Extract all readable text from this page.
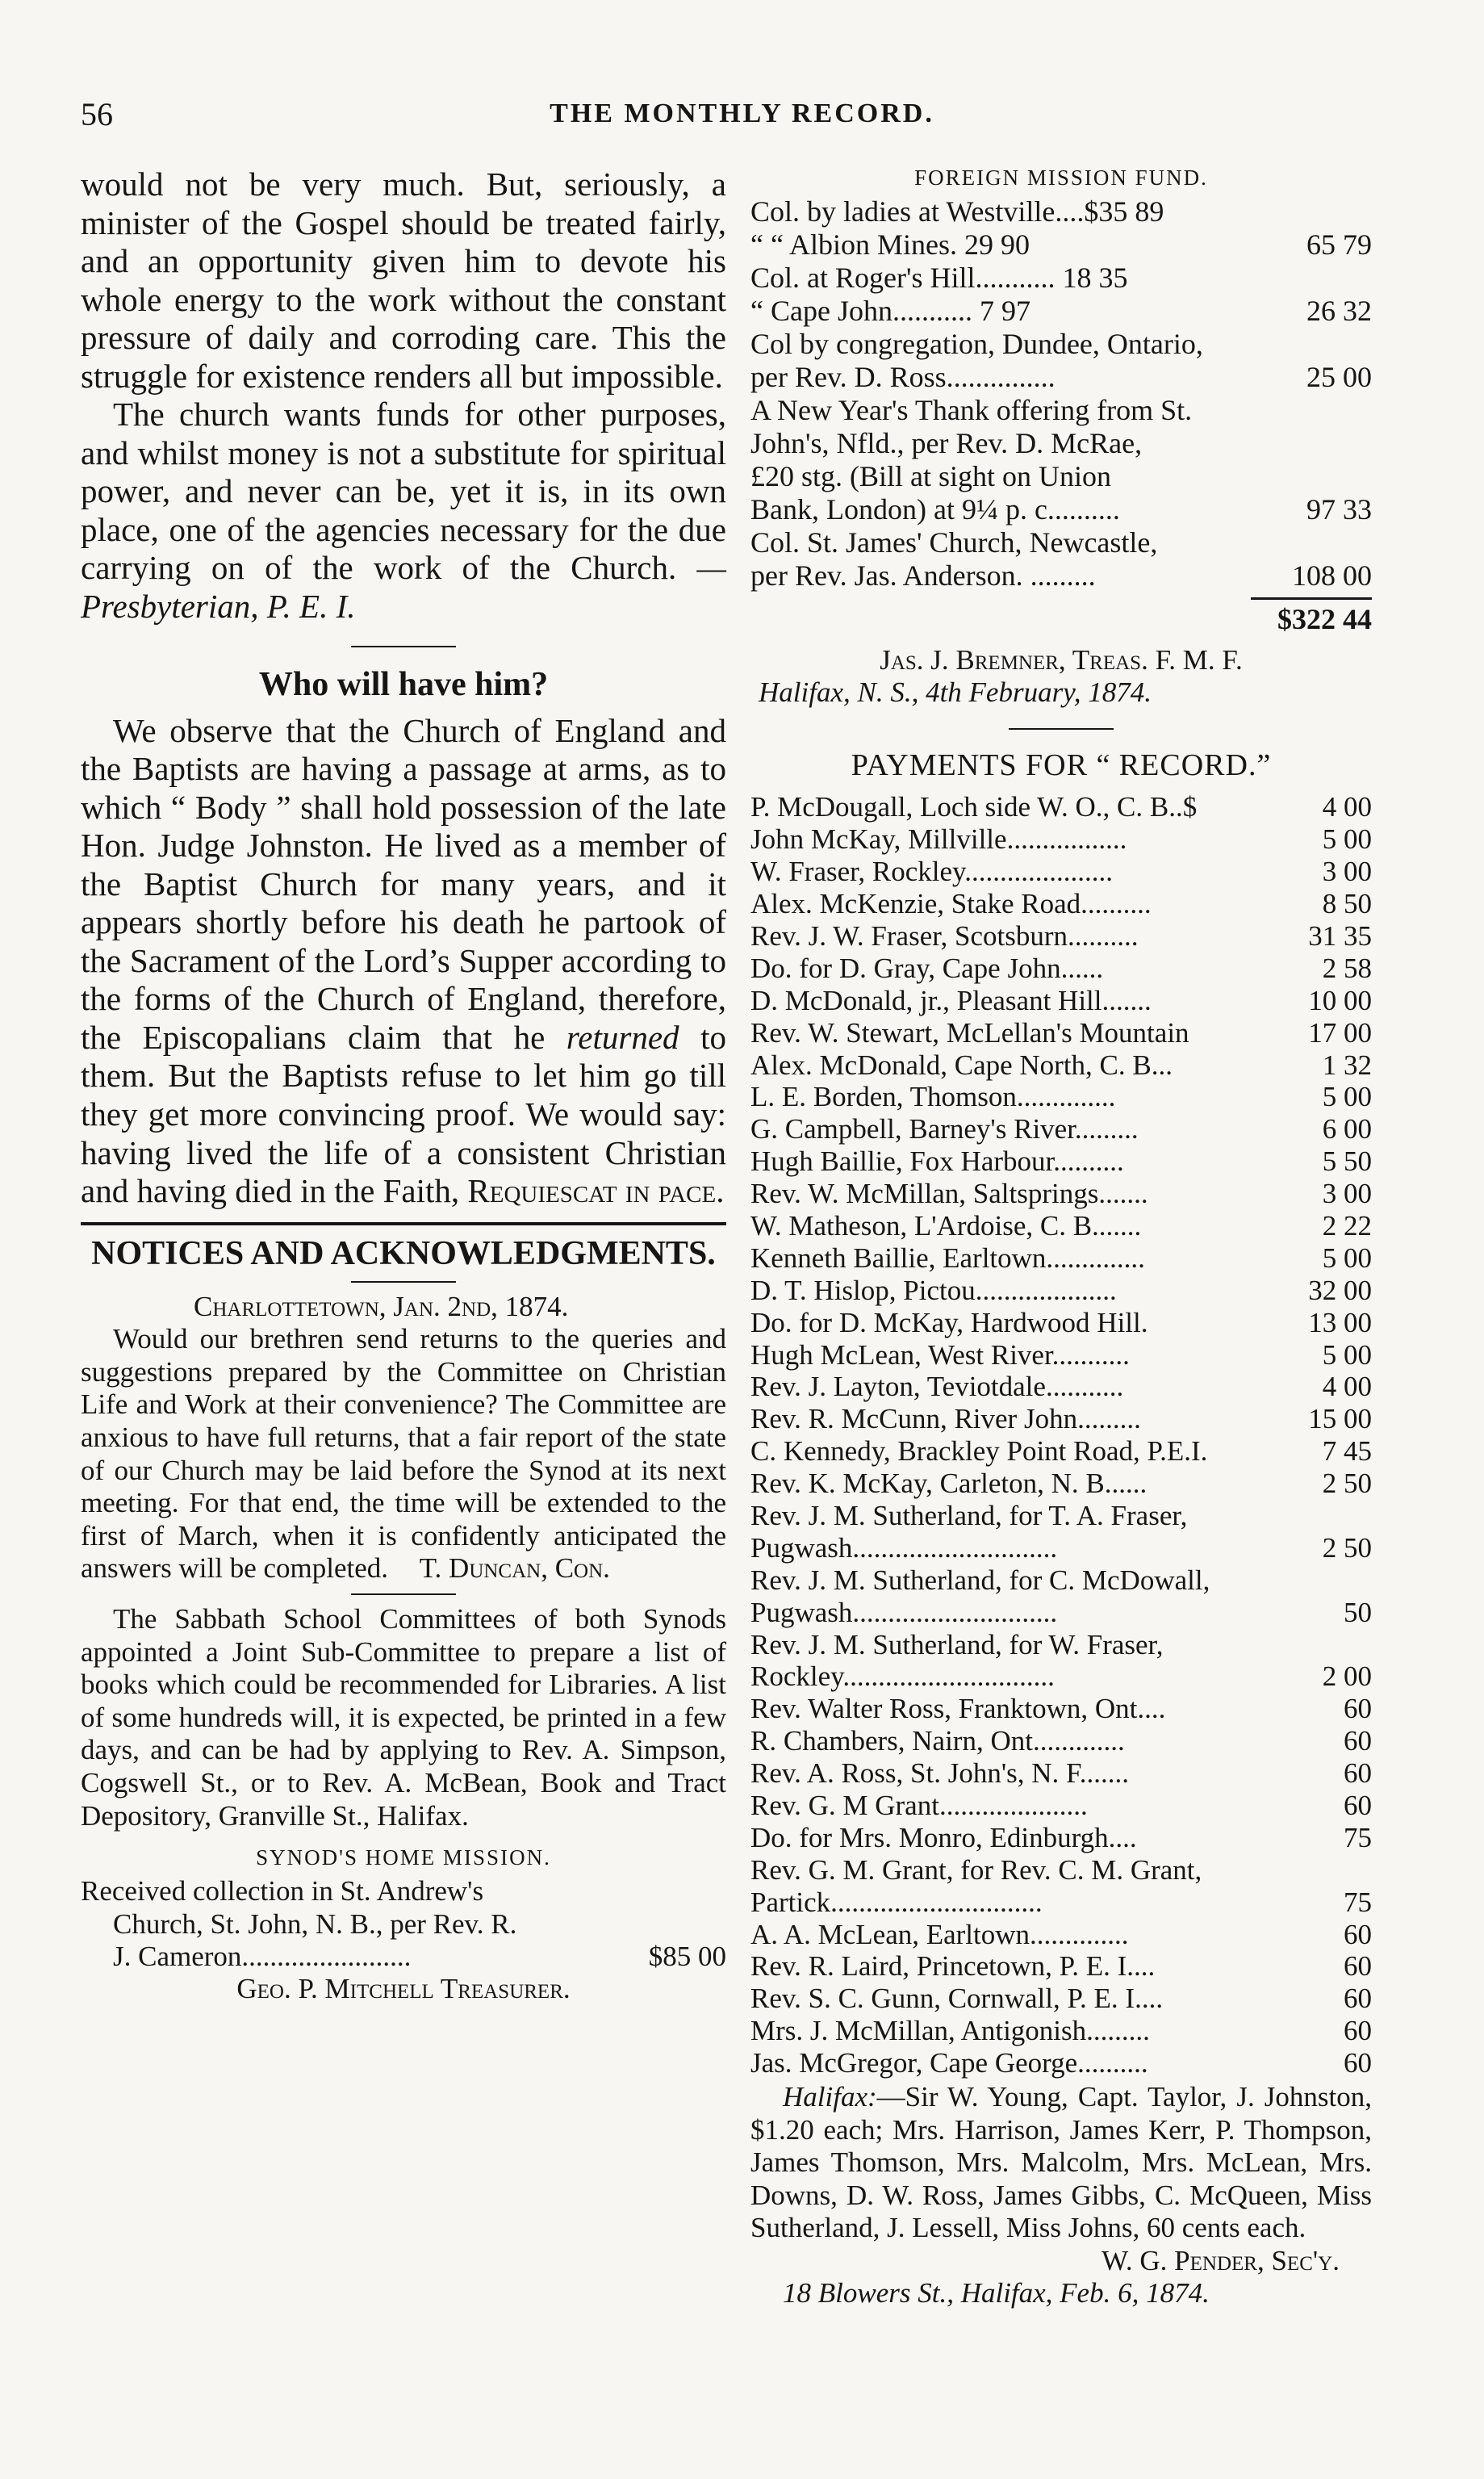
56	THE MONTHLY RECORD.

would not be very much. But, seriously, a minister of the Gospel should be treated fairly, and an opportunity given him to devote his whole energy to the work without the constant pressure of daily and corroding care. This the struggle for existence renders all but impossible.

The church wants funds for other purposes, and whilst money is not a substitute for spiritual power, and never can be, yet it is, in its own place, one of the agencies necessary for the due carrying on of the work of the Church. —Presbyterian, P. E. I.

Who will have him?

We observe that the Church of England and the Baptists are having a passage at arms, as to which “ Body ” shall hold possession of the late Hon. Judge Johnston. He lived as a member of the Baptist Church for many years, and it appears shortly before his death he partook of the Sacrament of the Lord’s Supper according to the forms of the Church of England, therefore, the Episcopalians claim that he returned to them. But the Baptists refuse to let him go till they get more convincing proof. We would say: having lived the life of a consistent Christian and having died in the Faith, Requiescat in pace.

NOTICES AND ACKNOWLEDGMENTS.
Charlottetown, Jan. 2nd, 1874.

Would our brethren send returns to the queries and suggestions prepared by the Committee on Christian Life and Work at their convenience? The Committee are anxious to have full returns, that a fair report of the state of our Church may be laid before the Synod at its next meeting. For that end, the time will be extended to the first of March, when it is confidently anticipated the answers will be completed. T. Duncan, Con.

The Sabbath School Committees of both Synods appointed a Joint Sub-Committee to prepare a list of books which could be recommended for Libraries. A list of some hundreds will, it is expected, be printed in a few days, and can be had by applying to Rev. A. Simpson, Cogswell St., or to Rev. A. McBean, Book and Tract Depository, Granville St., Halifax.

SYNOD'S HOME MISSION.
Received collection in St. Andrew's
Church, St. John, N. B., per Rev. R.
J. Cameron........................	$85 00
Geo. P. Mitchell Treasurer.
FOREIGN MISSION FUND.
Col. by ladies at Westville....$35 89
“ “ Albion Mines. 29 90	65 79
Col. at Roger's Hill........... 18 35
“ Cape John........... 7 97	26 32
Col by congregation, Dundee, Ontario,
per Rev. D. Ross...............	25 00
A New Year's Thank offering from St.
John's, Nfld., per Rev. D. McRae,
£20 stg. (Bill at sight on Union
Bank, London) at 9¼ p. c..........	97 33
Col. St. James' Church, Newcastle,
per Rev. Jas. Anderson. .........	108 00
$322 44
Jas. J. Bremner, Treas. F. M. F.
Halifax, N. S., 4th February, 1874.
PAYMENTS FOR “ RECORD.”
P. McDougall, Loch side W. O., C. B..$	4 00
John McKay, Millville.................	5 00
W. Fraser, Rockley.....................	3 00
Alex. McKenzie, Stake Road..........	8 50
Rev. J. W. Fraser, Scotsburn..........	31 35
Do. for D. Gray, Cape John......	2 58
D. McDonald, jr., Pleasant Hill.......	10 00
Rev. W. Stewart, McLellan's Mountain	17 00
Alex. McDonald, Cape North, C. B...	1 32
L. E. Borden, Thomson..............	5 00
G. Campbell, Barney's River.........	6 00
Hugh Baillie, Fox Harbour..........	5 50
Rev. W. McMillan, Saltsprings.......	3 00
W. Matheson, L'Ardoise, C. B.......	2 22
Kenneth Baillie, Earltown..............	5 00
D. T. Hislop, Pictou....................	32 00
Do. for D. McKay, Hardwood Hill.	13 00
Hugh McLean, West River...........	5 00
Rev. J. Layton, Teviotdale...........	4 00
Rev. R. McCunn, River John.........	15 00
C. Kennedy, Brackley Point Road, P.E.I.	7 45
Rev. K. McKay, Carleton, N. B......	2 50
Rev. J. M. Sutherland, for T. A. Fraser,
Pugwash.............................	2 50
Rev. J. M. Sutherland, for C. McDowall,
Pugwash.............................	50
Rev. J. M. Sutherland, for W. Fraser,
Rockley..............................	2 00
Rev. Walter Ross, Franktown, Ont....	60
R. Chambers, Nairn, Ont.............	60
Rev. A. Ross, St. John's, N. F.......	60
Rev. G. M Grant.....................	60
Do. for Mrs. Monro, Edinburgh....	75
Rev. G. M. Grant, for Rev. C. M. Grant,
Partick..............................	75
A. A. McLean, Earltown..............	60
Rev. R. Laird, Princetown, P. E. I....	60
Rev. S. C. Gunn, Cornwall, P. E. I....	60
Mrs. J. McMillan, Antigonish.........	60
Jas. McGregor, Cape George..........	60

Halifax:—Sir W. Young, Capt. Taylor, J. Johnston, $1.20 each; Mrs. Harrison, James Kerr, P. Thompson, James Thomson, Mrs. Malcolm, Mrs. McLean, Mrs. Downs, D. W. Ross, James Gibbs, C. McQueen, Miss Sutherland, J. Lessell, Miss Johns, 60 cents each.

W. G. Pender, Sec'y.
18 Blowers St., Halifax, Feb. 6, 1874.
